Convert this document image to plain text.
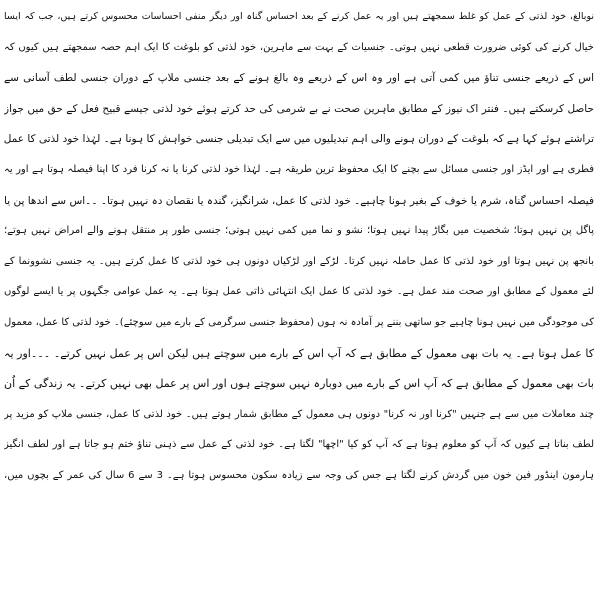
نوبالغ، خود لذتی کے عمل کو غلط سمجھتے ہیں اور یہ عمل کرنے کے بعد احساس گناہ اور دیگر منفی احساسات محسوس کرتے ہیں، جب کہ ایسا
خیال کرنے کی کوئی ضرورت قطعی نہیں ہوتی۔ جنسیات کے بہت سے ماہرین، خود لذتی کو بلوغت کا ایک اہم حصہ سمجھتے ہیں کیوں کہ
اس کے ذریعے جنسی تناؤ میں کمی آتی ہے اور وہ اس کے ذریعے وہ بالغ ہونے کے بعد جنسی ملاپ کے دوران جنسی لطف آسانی سے
حاصل کرسکتے ہیں۔ فنتر اک نیوز کے مطابق ماہرین صحت نے بے شرمی کی حد کرتے ہوئے خود لذتی جیسے قبیح فعل کے حق میں جواز
تراشتے ہوئے کہا ہے کہ بلوغت کے دوران ہونے والی اہم تبدیلیوں میں سے ایک تبدیلی جنسی خواہش کا ہونا ہے۔ لہٰذا خود لذتی کا عمل
فطری ہے اور ایڈز اور جنسی مسائل سے بچنے کا ایک محفوظ ترین طریقہ ہے۔ لہٰذا خود لذتی کرنا یا نہ کرنا فرد کا اپنا فیصلہ ہوتا ہے اور یہ
فیصلہ احساس گناہ، شرم یا خوف کے بغیر ہونا چاہیے۔ خود لذتی کا عمل، شرانگیز، گندہ یا نقصان دہ نہیں ہوتا۔ ۔۔اس سے اندھا پن یا
پاگل پن نہیں ہوتا؛ شخصیت میں بگاڑ پیدا نہیں ہوتا؛ نشو و نما میں کمی نہیں ہوتی؛ جنسی طور پر منتقل ہونے والے امراض نہیں ہوتے؛
بانجھ پن نہیں ہوتا اور خود لذتی کا عمل حاملہ نہیں کرتا۔ لڑکے اور لڑکیاں دونوں ہی خود لذتی کا عمل کرتے ہیں۔ یہ جنسی نشوونما کے
لئے معمول کے مطابق اور صحت مند عمل ہے۔ خود لذتی کا عمل ایک انتہائی ذاتی عمل ہوتا ہے۔ یہ عمل عوامی جگہوں پر یا ایسے لوگوں
کی موجودگی میں نہیں ہونا چاہیے جو ساتھی بننے پر آمادہ نہ ہوں (محفوظ جنسی سرگرمی کے بارے میں سوچئے)۔ خود لذتی کا عمل، معمول
کا عمل ہوتا ہے۔ یہ بات بھی معمول کے مطابق ہے کہ آپ اس کے بارے میں سوچتے ہیں لیکن اس پر عمل نہیں کرتے۔ ۔۔۔اور یہ
بات بھی معمول کے مطابق ہے کہ آپ اس کے بارے میں دوبارہ نہیں سوچتے ہوں اور اس پر عمل بھی نہیں کرتے۔ یہ زندگی کے اُن
چند معاملات میں سے ہے جنہیں "کرنا اور نہ کرنا" دونوں ہی معمول کے مطابق شمار ہوتے ہیں۔ خود لذتی کا عمل، جنسی ملاپ کو مزید پر
لطف بناتا ہے کیوں کہ آپ کو معلوم ہوتا ہے کہ آپ کو کیا "اچھا" لگتا ہے۔ خود لذتی کے عمل سے ذہنی تناؤ ختم ہو جاتا ہے اور لطف انگیز
ہارمون اینڈور فین خون میں گردش کرنے لگتا ہے جس کی وجہ سے زیادہ سکون محسوس ہوتا ہے۔ 3 سے 6 سال کی عمر کے بچوں میں،
